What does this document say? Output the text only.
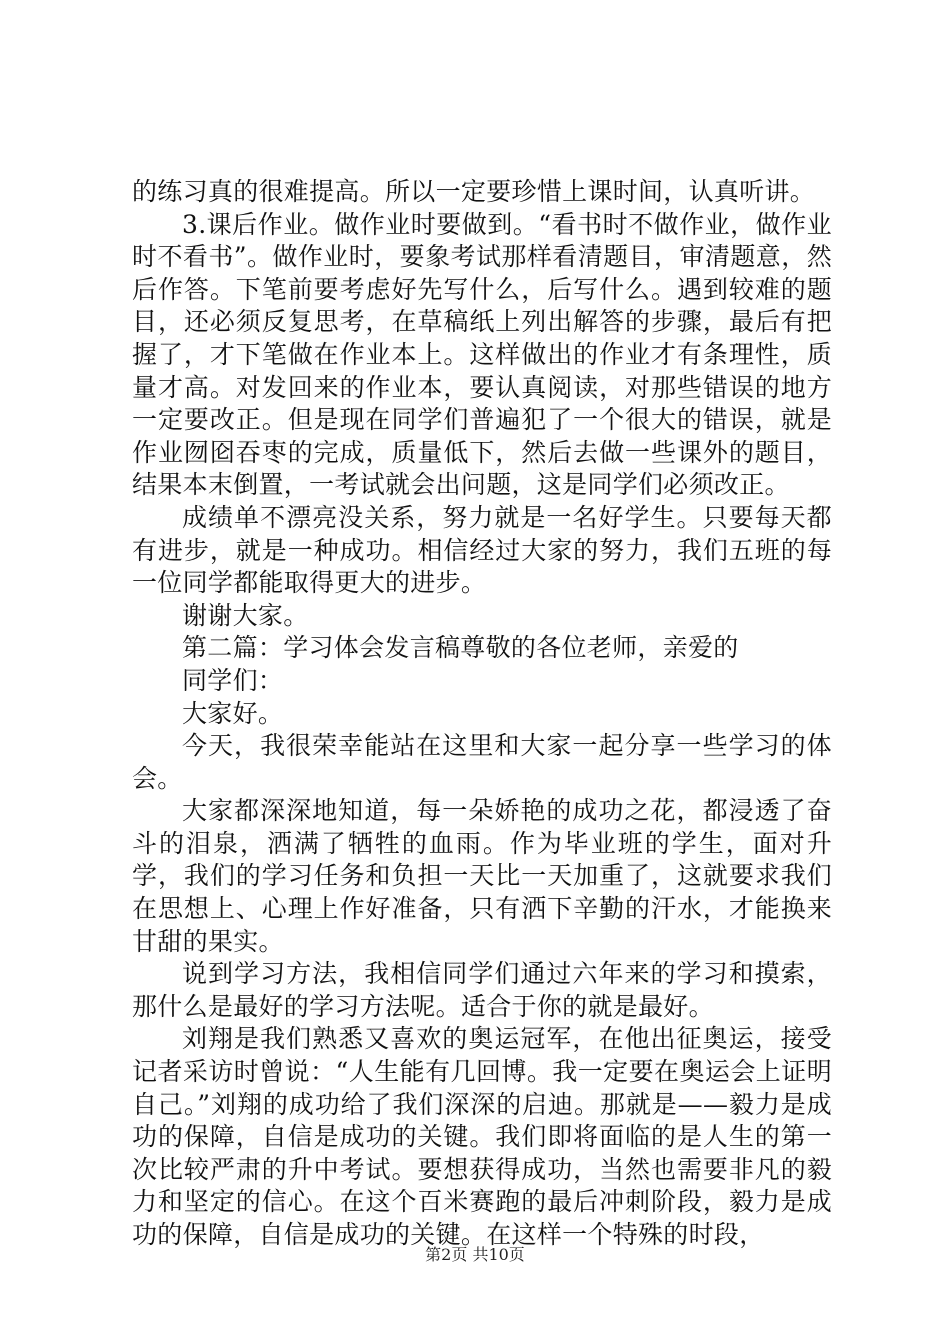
的练习真的很难提高。所以一定要珍惜上课时间，认真听讲。

3.课后作业。做作业时要做到。“看书时不做作业，做作业时不看书”。做作业时，要象考试那样看清题目，审清题意，然后作答。下笔前要考虑好先写什么，后写什么。遇到较难的题目，还必须反复思考，在草稿纸上列出解答的步骤，最后有把握了，才下笔做在作业本上。这样做出的作业才有条理性，质量才高。对发回来的作业本，要认真阅读，对那些错误的地方一定要改正。但是现在同学们普遍犯了一个很大的错误，就是作业囫囵吞枣的完成，质量低下，然后去做一些课外的题目，结果本末倒置，一考试就会出问题，这是同学们必须改正。

成绩单不漂亮没关系，努力就是一名好学生。只要每天都有进步，就是一种成功。相信经过大家的努力，我们五班的每一位同学都能取得更大的进步。

谢谢大家。

第二篇：学习体会发言稿尊敬的各位老师，亲爱的

同学们：

大家好。

今天，我很荣幸能站在这里和大家一起分享一些学习的体会。

大家都深深地知道，每一朵娇艳的成功之花，都浸透了奋斗的泪泉，洒满了牺牲的血雨。作为毕业班的学生，面对升学，我们的学习任务和负担一天比一天加重了，这就要求我们在思想上、心理上作好准备，只有洒下辛勤的汗水，才能换来甘甜的果实。

说到学习方法，我相信同学们通过六年来的学习和摸索，那什么是最好的学习方法呢。适合于你的就是最好。

刘翔是我们熟悉又喜欢的奥运冠军，在他出征奥运，接受记者采访时曾说：“人生能有几回博。我一定要在奥运会上证明自己。”刘翔的成功给了我们深深的启迪。那就是——毅力是成功的保障，自信是成功的关键。我们即将面临的是人生的第一次比较严肃的升中考试。要想获得成功，当然也需要非凡的毅力和坚定的信心。在这个百米赛跑的最后冲刺阶段，毅力是成功的保障，自信是成功的关键。在这样一个特殊的时段，

第2页 共10页
